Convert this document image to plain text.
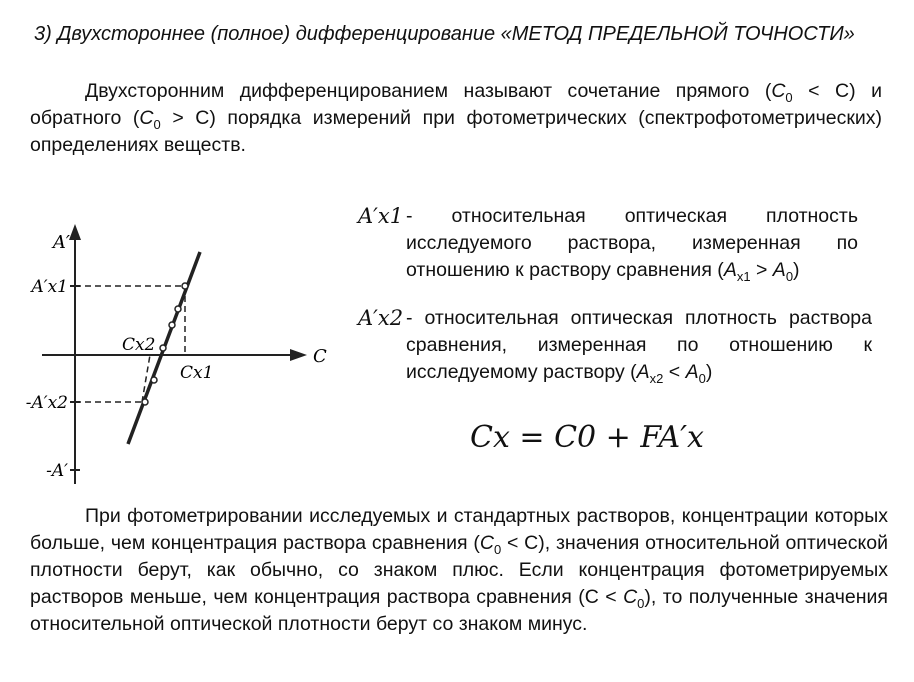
3) Двухстороннее (полное) дифференцирование «МЕТОД ПРЕДЕЛЬНОЙ ТОЧНОСТИ»
Двухсторонним дифференцированием называют сочетание прямого $(C_0 < C)$ и обратного $(C_0 > C)$ порядка измерений при фотометрических (спектрофотометрических) определениях веществ.
A′
C
A′x1
-A′x2
-A′
Cx2
Cx1
A′x1 - относительная оптическая плотность исследуемого раствора, измеренная по отношению к раствору сравнения $(A_{x1} > A_0)$
A′x2 - относительная оптическая плотность раствора сравнения, измеренная по отношению к исследуемому раствору $(A_{x2} < A_0)$
Cx = C0 + FA′x
При фотометрировании исследуемых и стандартных растворов, концентрации которых больше, чем концентрация раствора сравнения $(C_0 < C)$, значения относительной оптической плотности берут, как обычно, со знаком плюс. Если концентрация фотометрируемых растворов меньше, чем концентрация раствора сравнения $(C < C_0)$, то полученные значения относительной оптической плотности берут со знаком минус.
